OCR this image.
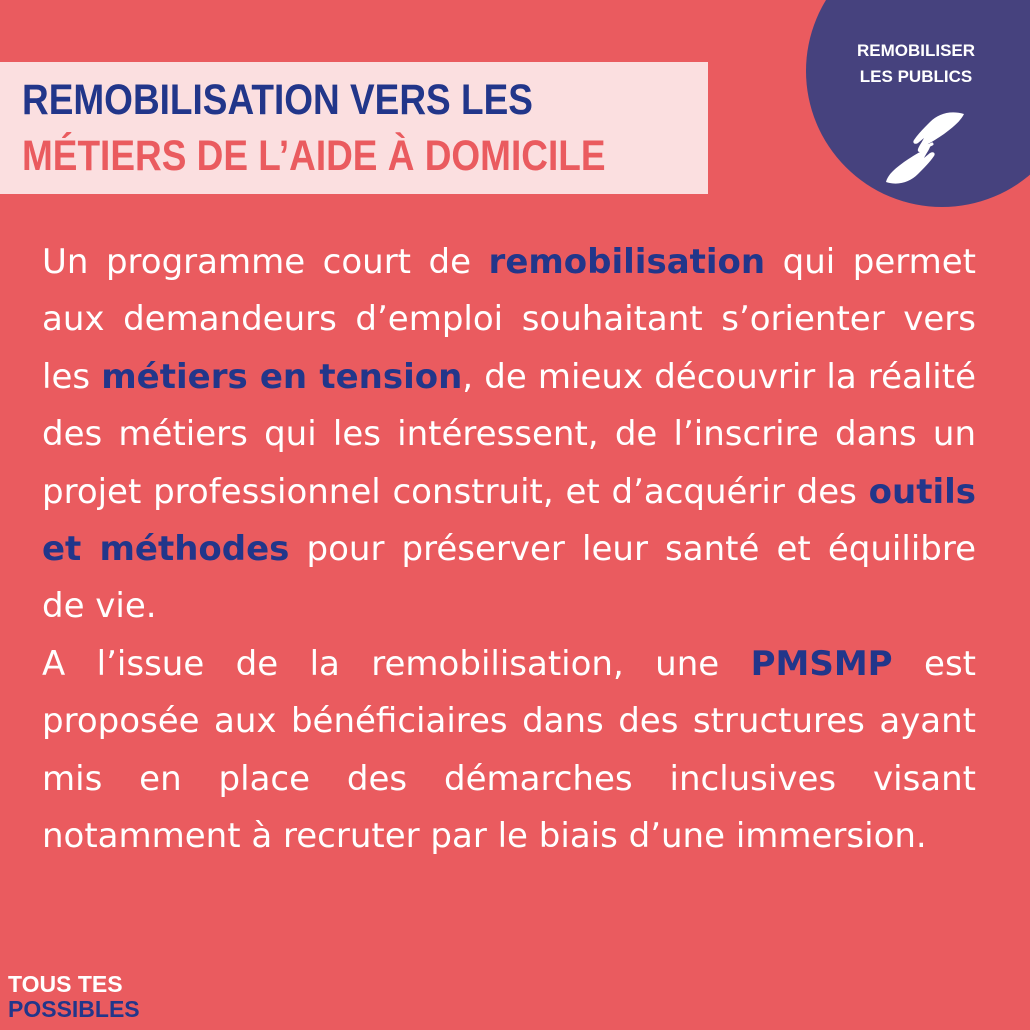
REMOBILISATION VERS LES
MÉTIERS DE L’AIDE À DOMICILE
REMOBILISER
LES PUBLICS

Un programme court de remobilisation qui permet aux demandeurs d’emploi souhaitant s’orienter vers les métiers en tension, de mieux découvrir la réalité des métiers qui les intéressent, de l’inscrire dans un projet professionnel construit, et d’acquérir des outils et méthodes pour préserver leur santé et équilibre de vie.

A l’issue de la remobilisation, une PMSMP est proposée aux bénéficiaires dans des structures ayant mis en place des démarches inclusives visant notamment à recruter par le biais d’une immersion.

TOUS TES
POSSIBLES
